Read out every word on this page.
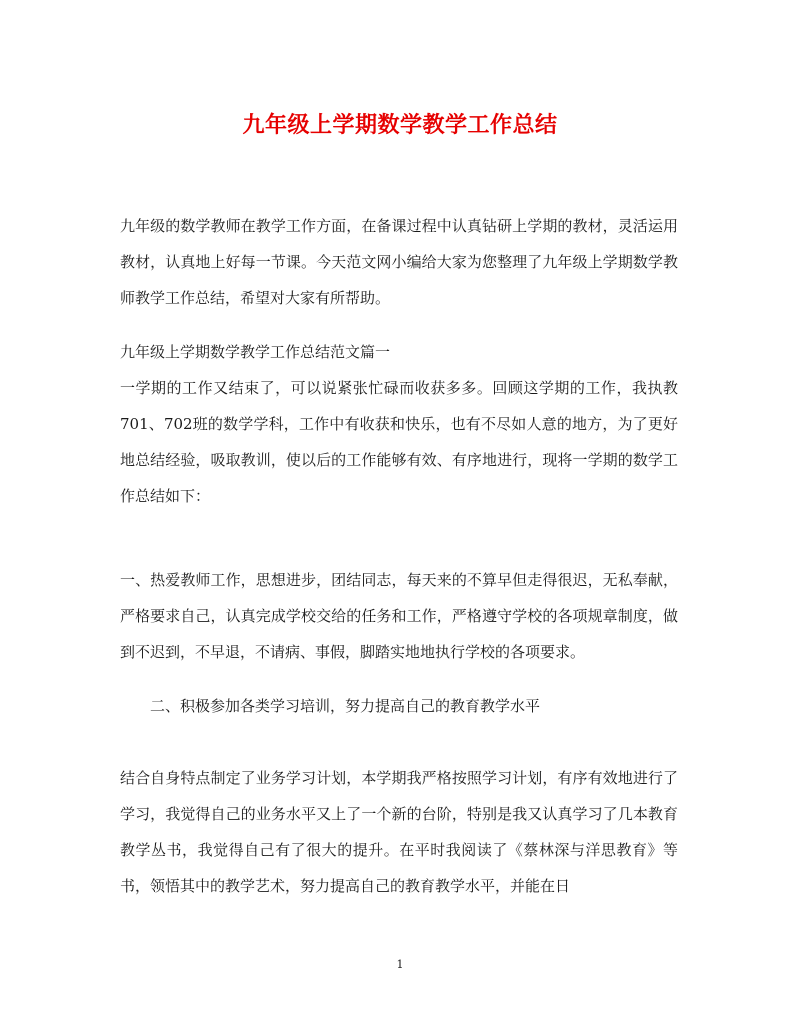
九年级上学期数学教学工作总结

九年级的数学教师在教学工作方面，在备课过程中认真钻研上学期的教材，灵活运用教材，认真地上好每一节课。今天范文网小编给大家为您整理了九年级上学期数学教师教学工作总结，希望对大家有所帮助。

九年级上学期数学教学工作总结范文篇一

一学期的工作又结束了，可以说紧张忙碌而收获多多。回顾这学期的工作，我执教701、702班的数学学科，工作中有收获和快乐，也有不尽如人意的地方，为了更好地总结经验，吸取教训，使以后的工作能够有效、有序地进行，现将一学期的数学工作总结如下：

一、热爱教师工作，思想进步，团结同志，每天来的不算早但走得很迟，无私奉献，严格要求自己，认真完成学校交给的任务和工作，严格遵守学校的各项规章制度，做到不迟到，不早退，不请病、事假，脚踏实地地执行学校的各项要求。

二、积极参加各类学习培训，努力提高自己的教育教学水平

结合自身特点制定了业务学习计划，本学期我严格按照学习计划，有序有效地进行了学习，我觉得自己的业务水平又上了一个新的台阶，特别是我又认真学习了几本教育教学丛书，我觉得自己有了很大的提升。在平时我阅读了《蔡林深与洋思教育》等书，领悟其中的教学艺术，努力提高自己的教育教学水平，并能在日

1
